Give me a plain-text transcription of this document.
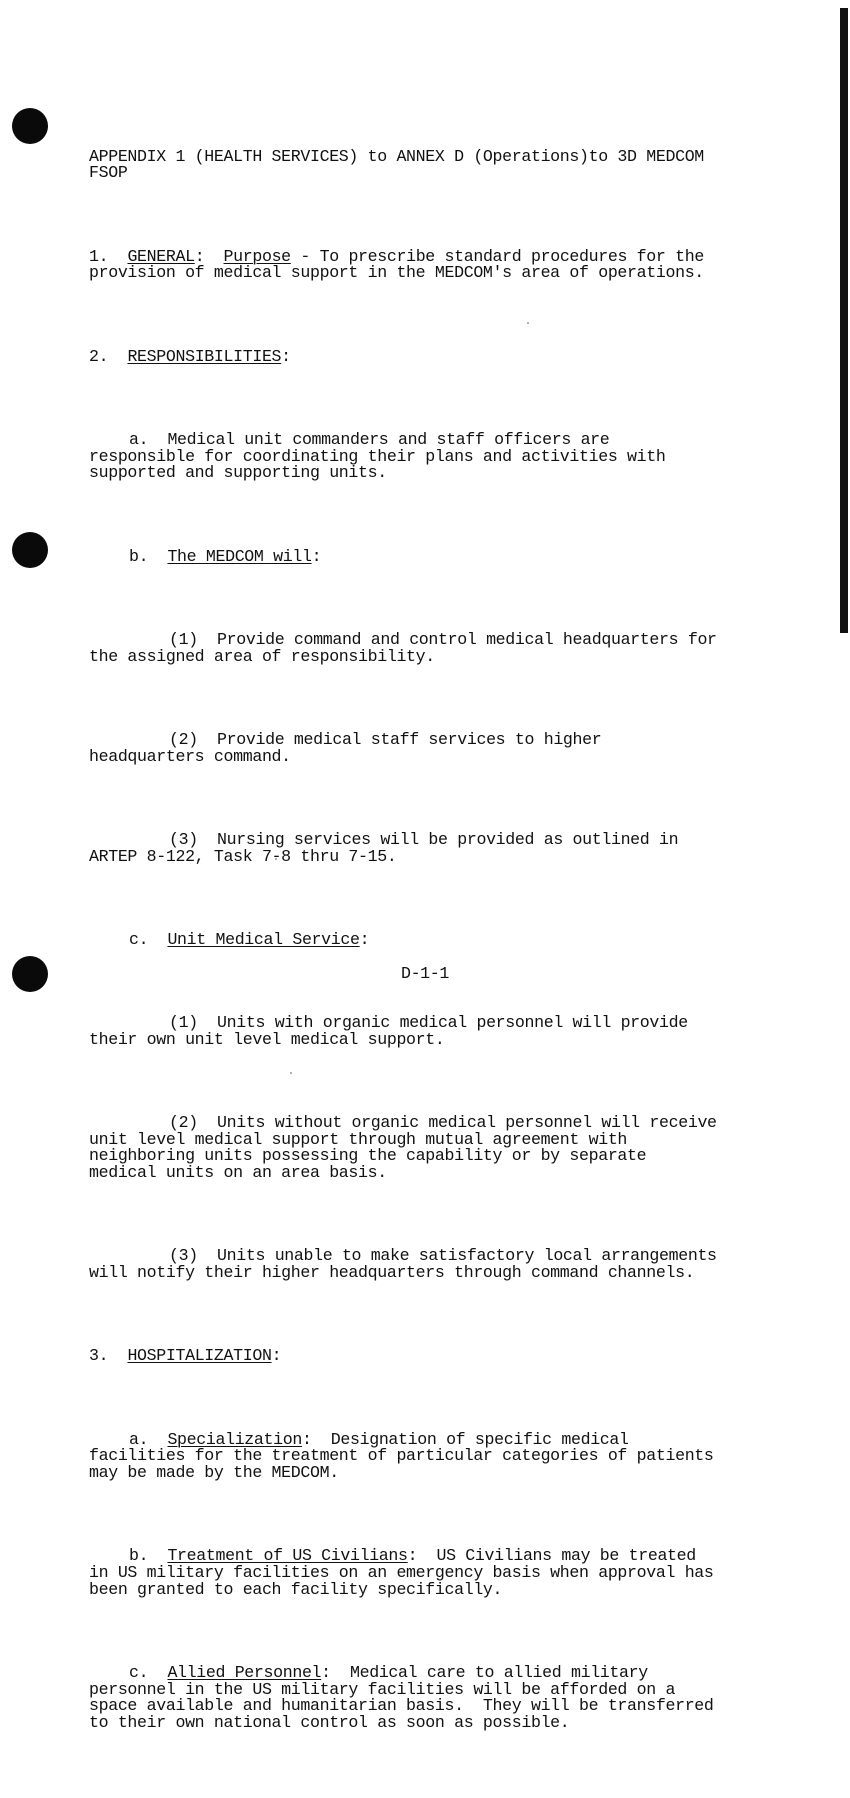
APPENDIX 1 (HEALTH SERVICES) to ANNEX D (Operations)to 3D MEDCOM
FSOP

1. GENERAL:  Purpose - To prescribe standard procedures for the
provision of medical support in the MEDCOM's area of operations.

2. RESPONSIBILITIES:

a. Medical unit commanders and staff officers are
responsible for coordinating their plans and activities with
supported and supporting units.

b. The MEDCOM will:

(1) Provide command and control medical headquarters for
the assigned area of responsibility.

(2) Provide medical staff services to higher
headquarters command.

(3) Nursing services will be provided as outlined in
ARTEP 8-122, Task 7-8 thru 7-15.

c. Unit Medical Service:

(1) Units with organic medical personnel will provide
their own unit level medical support.

(2) Units without organic medical personnel will receive
unit level medical support through mutual agreement with
neighboring units possessing the capability or by separate
medical units on an area basis.

(3) Units unable to make satisfactory local arrangements
will notify their higher headquarters through command channels.

3. HOSPITALIZATION:

a. Specialization:  Designation of specific medical
facilities for the treatment of particular categories of patients
may be made by the MEDCOM.

b. Treatment of US Civilians:  US Civilians may be treated
in US military facilities on an emergency basis when approval has
been granted to each facility specifically.

c. Allied Personnel:  Medical care to allied military
personnel in the US military facilities will be afforded on a
space available and humanitarian basis.  They will be transferred
to their own national control as soon as possible.

D-1-1
